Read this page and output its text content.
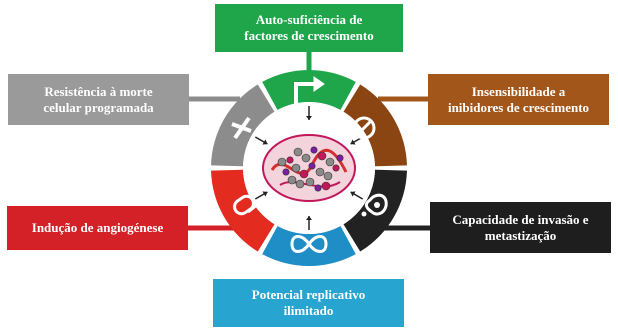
Auto-suficiência de
factores de crescimento
Resistência à morte
celular programada
Insensibilidade a
inibidores de crescimento
Indução de angiogénese
Capacidade de invasão e
metastização
Potencial replicativo
ilimitado
